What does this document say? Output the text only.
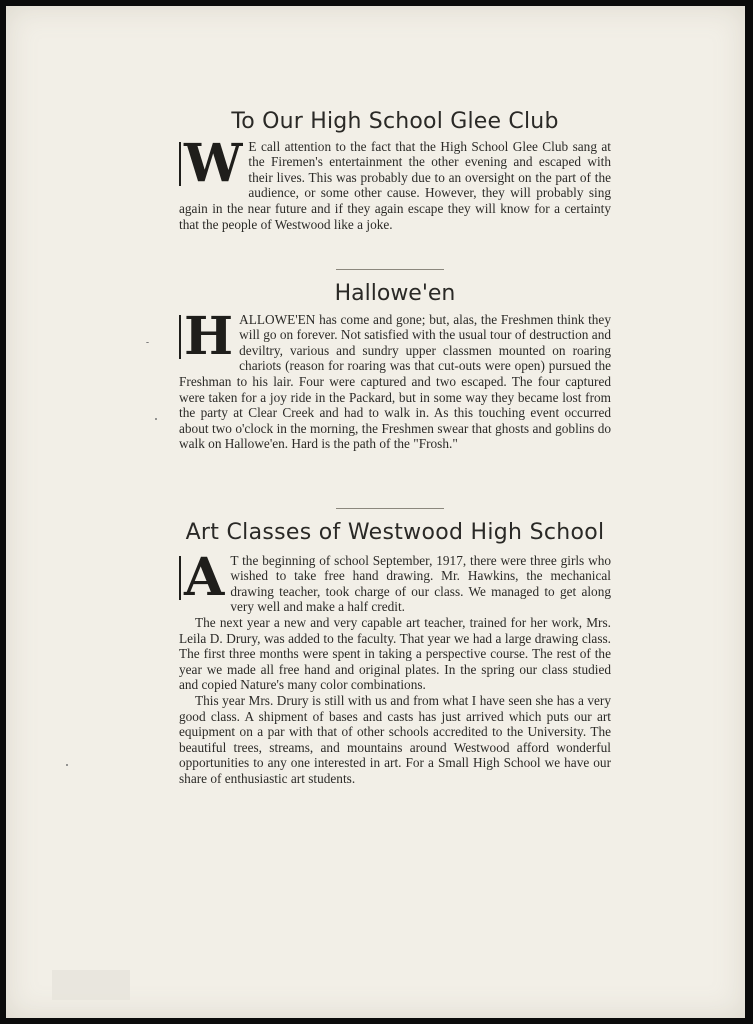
To Our High School Glee Club
W E call attention to the fact that the High School Glee Club sang at the Firemen's entertainment the other evening and escaped with their lives. This was probably due to an oversight on the part of the audience, or some other cause. However, they will probably sing again in the near future and if they again escape they will know for a certainty that the people of Westwood like a joke.

Hallowe'en
H ALLOWE'EN has come and gone; but, alas, the Freshmen think they will go on forever. Not satisfied with the usual tour of destruction and deviltry, various and sundry upper classmen mounted on roaring chariots (reason for roaring was that cut-outs were open) pursued the Freshman to his lair. Four were captured and two escaped. The four captured were taken for a joy ride in the Packard, but in some way they became lost from the party at Clear Creek and had to walk in. As this touching event occurred about two o'clock in the morning, the Freshmen swear that ghosts and goblins do walk on Hallowe'en. Hard is the path of the "Frosh."

Art Classes of Westwood High School
A T the beginning of school September, 1917, there were three girls who wished to take free hand drawing. Mr. Hawkins, the mechanical drawing teacher, took charge of our class. We managed to get along very well and make a half credit.

The next year a new and very capable art teacher, trained for her work, Mrs. Leila D. Drury, was added to the faculty. That year we had a large drawing class. The first three months were spent in taking a perspective course. The rest of the year we made all free hand and original plates. In the spring our class studied and copied Nature's many color combinations.

This year Mrs. Drury is still with us and from what I have seen she has a very good class. A shipment of bases and casts has just arrived which puts our art equipment on a par with that of other schools accredited to the University. The beautiful trees, streams, and mountains around Westwood afford wonderful opportunities to any one interested in art. For a Small High School we have our share of enthusiastic art students.
